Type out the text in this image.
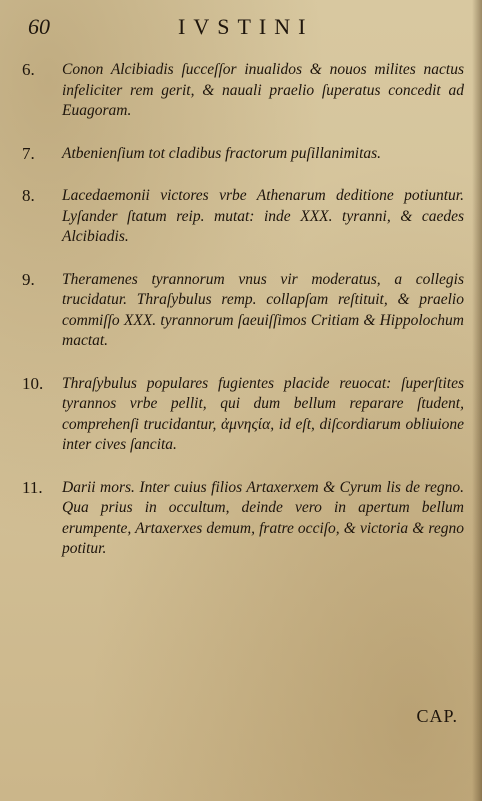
60	IVSTINI
6.	Conon Alcibiadis ſucceſſor inualidos & nouos milites nactus infeliciter rem gerit, & nauali praelio ſuperatus concedit ad Euagoram.

7.	Atbenienſium tot cladibus fractorum puſillanimitas.

8.	Lacedaemonii victores vrbe Athenarum deditione potiuntur. Lyſander ſtatum reip. mutat: inde XXX. tyranni, & caedes Alcibiadis.

9.	Theramenes tyrannorum vnus vir moderatus, a collegis trucidatur. Thraſybulus remp. collapſam reſtituit, & praelio commiſſo XXX. tyrannorum ſaeuiſſimos Critiam & Hippolochum mactat.

10.	Thraſybulus populares fugientes placide reuocat: ſuperſtites tyrannos vrbe pellit, qui dum bellum reparare ſtudent, comprehenſi trucidantur, ἀμνηςία, id eſt, diſcordiarum obliuione inter cives ſancita.

11.	Darii mors. Inter cuius filios Artaxerxem & Cyrum lis de regno. Qua prius in occultum, deinde vero in apertum bellum erumpente, Artaxerxes demum, fratre occiſo, & victoria & regno potitur.

CAP.
